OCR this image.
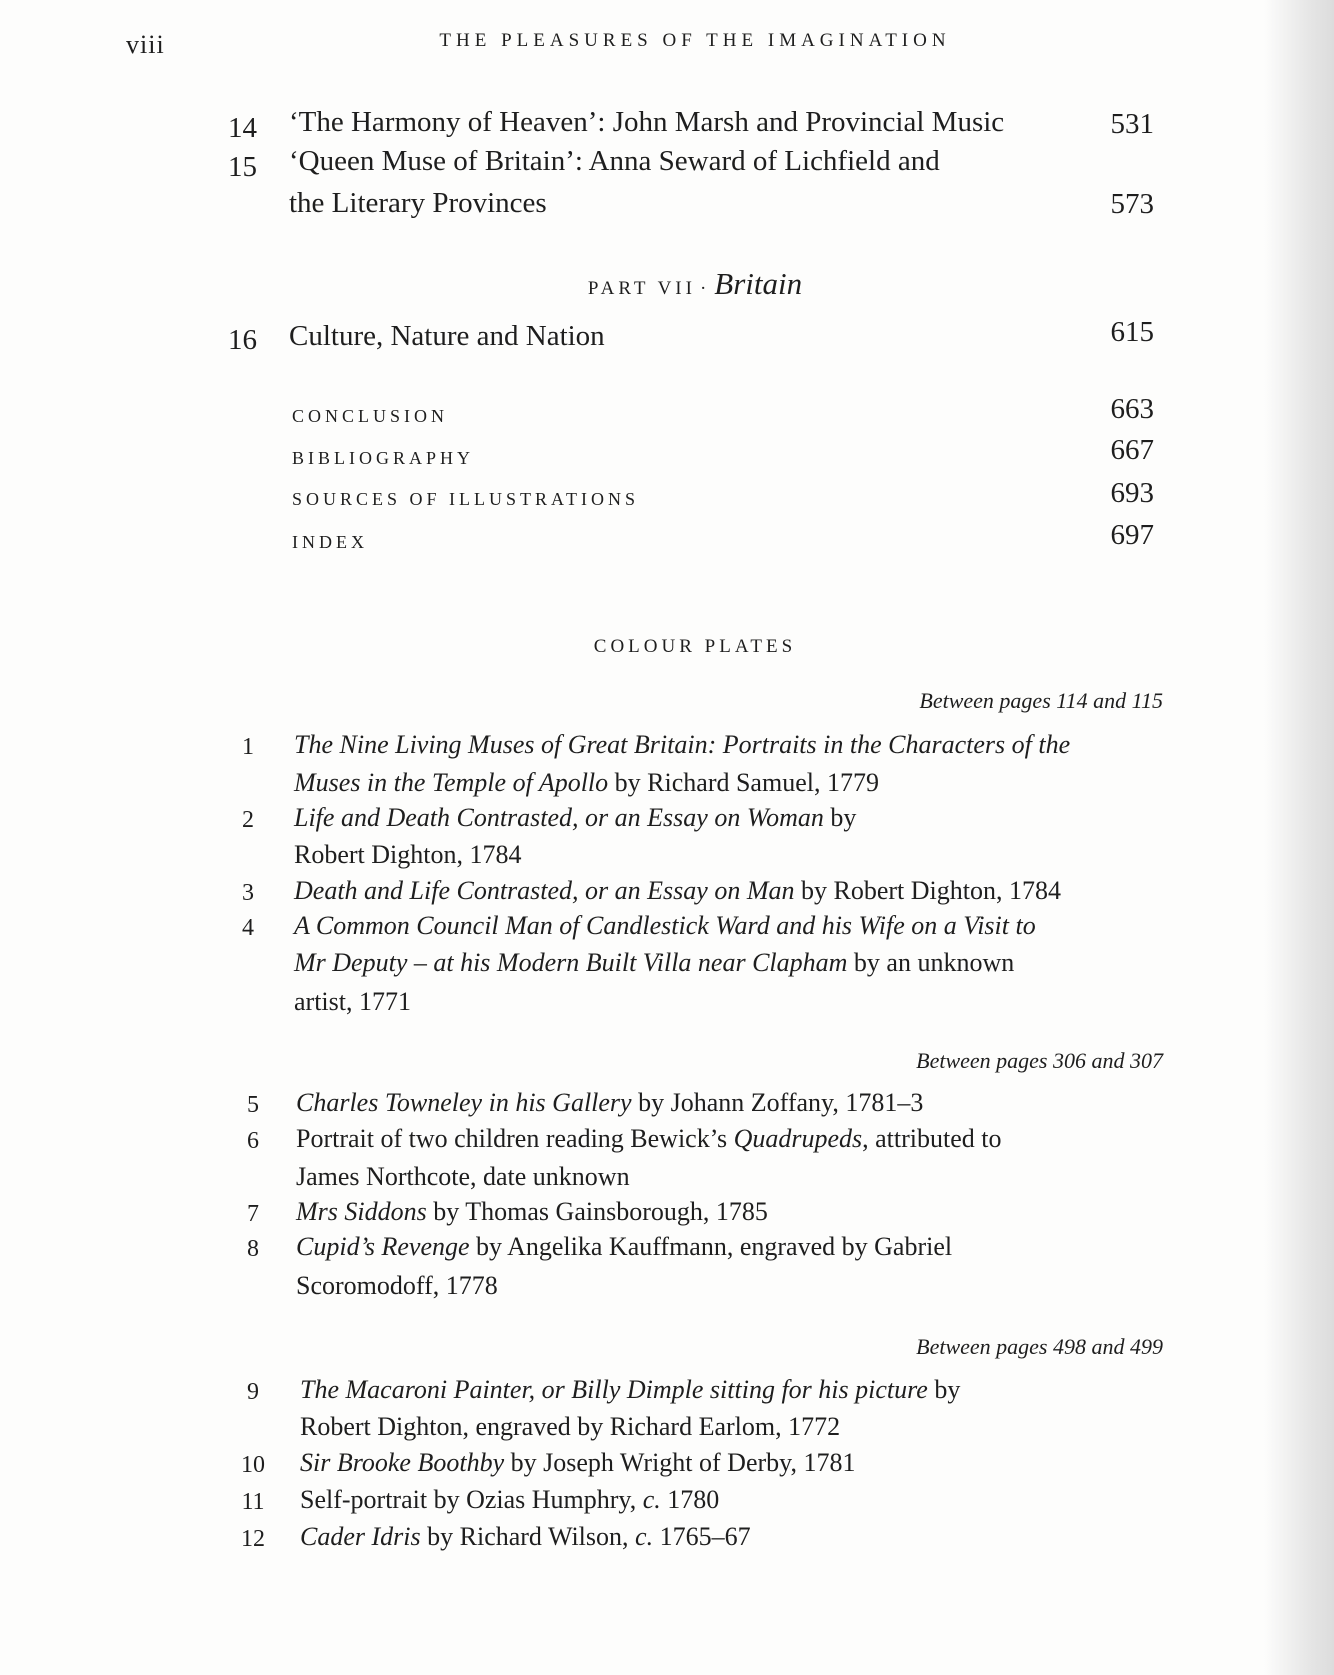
viii	THE PLEASURES OF THE IMAGINATION
14 ‘The Harmony of Heaven’: John Marsh and Provincial Music	531
15 ‘Queen Muse of Britain’: Anna Seward of Lichfield and
the Literary Provinces	573
PART VII · Britain
16 Culture, Nature and Nation	615
CONCLUSION	663
BIBLIOGRAPHY	667
SOURCES OF ILLUSTRATIONS	693
INDEX	697
COLOUR PLATES
Between pages 114 and 115
1	The Nine Living Muses of Great Britain: Portraits in the Characters of the
Muses in the Temple of Apollo by Richard Samuel, 1779
2	Life and Death Contrasted, or an Essay on Woman by
Robert Dighton, 1784
3	Death and Life Contrasted, or an Essay on Man by Robert Dighton, 1784
4	A Common Council Man of Candlestick Ward and his Wife on a Visit to
Mr Deputy – at his Modern Built Villa near Clapham by an unknown
artist, 1771
Between pages 306 and 307
5	Charles Towneley in his Gallery by Johann Zoffany, 1781–3
6	Portrait of two children reading Bewick’s Quadrupeds, attributed to
James Northcote, date unknown
7	Mrs Siddons by Thomas Gainsborough, 1785
8	Cupid’s Revenge by Angelika Kauffmann, engraved by Gabriel
Scoromodoff, 1778
Between pages 498 and 499
9	The Macaroni Painter, or Billy Dimple sitting for his picture by
Robert Dighton, engraved by Richard Earlom, 1772
10 Sir Brooke Boothby by Joseph Wright of Derby, 1781
11 Self-portrait by Ozias Humphry, c. 1780
12 Cader Idris by Richard Wilson, c. 1765–67
